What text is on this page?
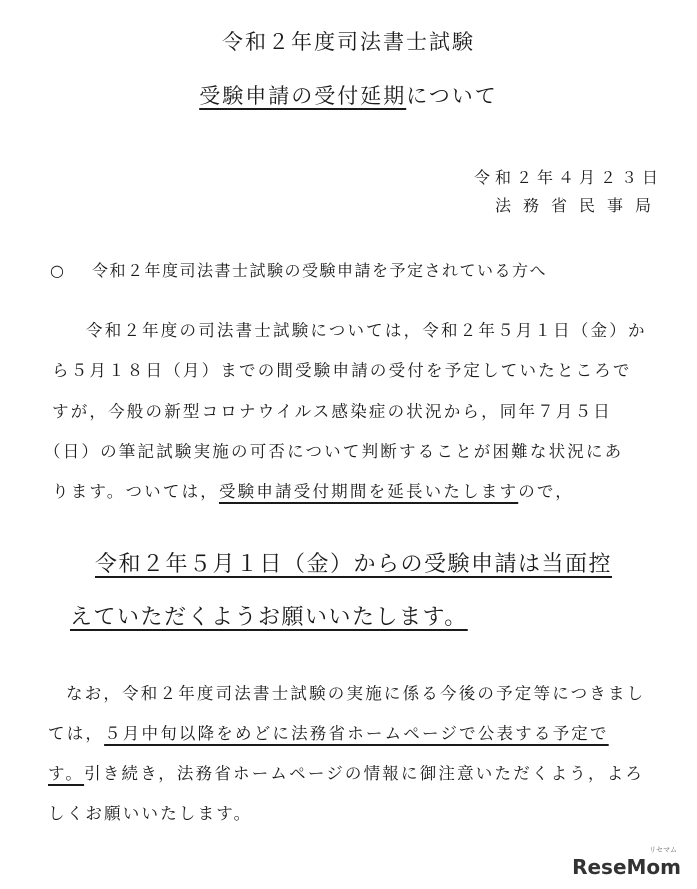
令和２年度司法書士試験
受験申請の受付延期について
令和２年４月２３日
法務省民事局
○ 令和２年度司法書士試験の受験申請を予定されている方へ
令和２年度の司法書士試験については，令和２年５月１日（金）か
ら５月１８日（月）までの間受験申請の受付を予定していたところで
すが，今般の新型コロナウイルス感染症の状況から，同年７月５日
（日）の筆記試験実施の可否について判断することが困難な状況にあ
ります。ついては，受験申請受付期間を延長いたしますので，
令和２年５月１日（金）からの受験申請は当面控
えていただくようお願いいたします。
なお，令和２年度司法書士試験の実施に係る今後の予定等につきまし
ては，５月中旬以降をめどに法務省ホームページで公表する予定で
す。引き続き，法務省ホームページの情報に御注意いただくよう，よろ
しくお願いいたします。
ReseMom
リセマム
